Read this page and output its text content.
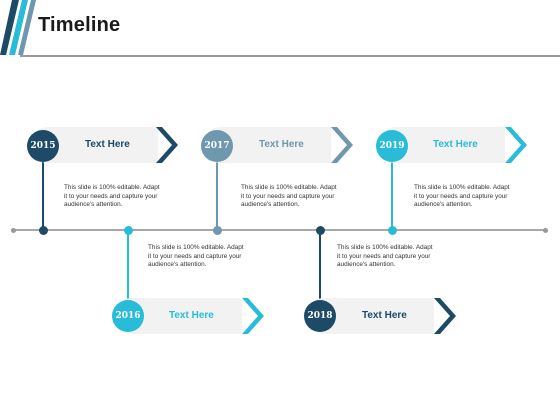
Timeline
Text Here
2015
This slide is 100% editable. Adapt it to your needs and capture your audience's attention.
Text Here
2016
This slide is 100% editable. Adapt it to your needs and capture your audience's attention.
Text Here
2017
This slide is 100% editable. Adapt it to your needs and capture your audience's attention.
Text Here
2018
This slide is 100% editable. Adapt it to your needs and capture your audience's attention.
Text Here
2019
This slide is 100% editable. Adapt it to your needs and capture your audience's attention.
